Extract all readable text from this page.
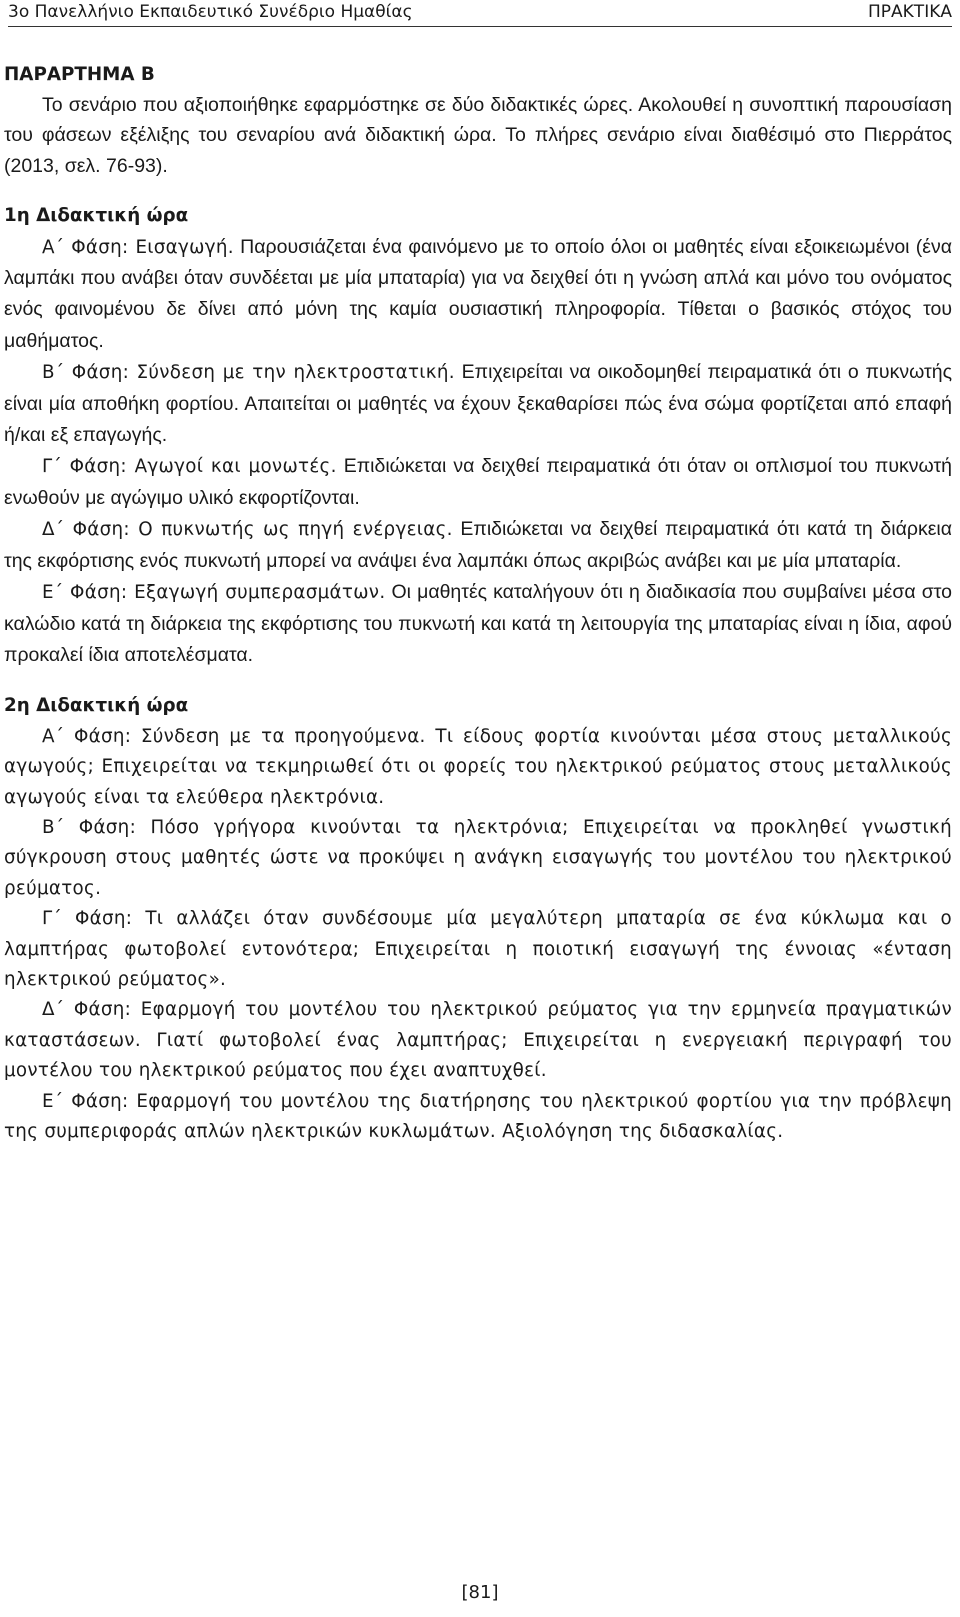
3ο Πανελλήνιο Εκπαιδευτικό Συνέδριο Ημαθίας	ΠΡΑΚΤΙΚΑ

ΠΑΡΑΡΤΗΜΑ Β

Το σενάριο που αξιοποιήθηκε εφαρμόστηκε σε δύο διδακτικές ώρες. Ακολουθεί η συνοπτική παρουσίαση του φάσεων εξέλιξης του σεναρίου ανά διδακτική ώρα. Το πλήρες σενάριο είναι διαθέσιμό στο Πιερράτος (2013, σελ. 76-93).

1η Διδακτική ώρα

Α΄ Φάση: Εισαγωγή. Παρουσιάζεται ένα φαινόμενο με το οποίο όλοι οι μαθητές είναι εξοικειωμένοι (ένα λαμπάκι που ανάβει όταν συνδέεται με μία μπαταρία) για να δειχθεί ότι η γνώση απλά και μόνο του ονόματος ενός φαινομένου δε δίνει από μόνη της καμία ουσιαστική πληροφορία. Τίθεται ο βασικός στόχος του μαθήματος.

Β΄ Φάση: Σύνδεση με την ηλεκτροστατική. Επιχειρείται να οικοδομηθεί πειραματικά ότι ο πυκνωτής είναι μία αποθήκη φορτίου. Απαιτείται οι μαθητές να έχουν ξεκαθαρίσει πώς ένα σώμα φορτίζεται από επαφή ή/και εξ επαγωγής.

Γ΄ Φάση: Αγωγοί και μονωτές. Επιδιώκεται να δειχθεί πειραματικά ότι όταν οι οπλισμοί του πυκνωτή ενωθούν με αγώγιμο υλικό εκφορτίζονται.

Δ΄ Φάση: Ο πυκνωτής ως πηγή ενέργειας. Επιδιώκεται να δειχθεί πειραματικά ότι κατά τη διάρκεια της εκφόρτισης ενός πυκνωτή μπορεί να ανάψει ένα λαμπάκι όπως ακριβώς ανάβει και με μία μπαταρία.

Ε΄ Φάση: Εξαγωγή συμπερασμάτων. Οι μαθητές καταλήγουν ότι η διαδικασία που συμβαίνει μέσα στο καλώδιο κατά τη διάρκεια της εκφόρτισης του πυκνωτή και κατά τη λειτουργία της μπαταρίας είναι η ίδια, αφού προκαλεί ίδια αποτελέσματα.

2η Διδακτική ώρα

Α΄ Φάση: Σύνδεση με τα προηγούμενα. Τι είδους φορτία κινούνται μέσα στους μεταλλικούς αγωγούς; Επιχειρείται να τεκμηριωθεί ότι οι φορείς του ηλεκτρικού ρεύματος στους μεταλλικούς αγωγούς είναι τα ελεύθερα ηλεκτρόνια.

Β΄ Φάση: Πόσο γρήγορα κινούνται τα ηλεκτρόνια; Επιχειρείται να προκληθεί γνωστική σύγκρουση στους μαθητές ώστε να προκύψει η ανάγκη εισαγωγής του μοντέλου του ηλεκτρικού ρεύματος.

Γ΄ Φάση: Τι αλλάζει όταν συνδέσουμε μία μεγαλύτερη μπαταρία σε ένα κύκλωμα και ο λαμπτήρας φωτοβολεί εντονότερα; Επιχειρείται η ποιοτική εισαγωγή της έννοιας «ένταση ηλεκτρικού ρεύματος».

Δ΄ Φάση: Εφαρμογή του μοντέλου του ηλεκτρικού ρεύματος για την ερμηνεία πραγματικών καταστάσεων. Γιατί φωτοβολεί ένας λαμπτήρας; Επιχειρείται η ενεργειακή περιγραφή του μοντέλου του ηλεκτρικού ρεύματος που έχει αναπτυχθεί.

Ε΄ Φάση: Εφαρμογή του μοντέλου της διατήρησης του ηλεκτρικού φορτίου για την πρόβλεψη της συμπεριφοράς απλών ηλεκτρικών κυκλωμάτων. Αξιολόγηση της διδασκαλίας.

[81]
